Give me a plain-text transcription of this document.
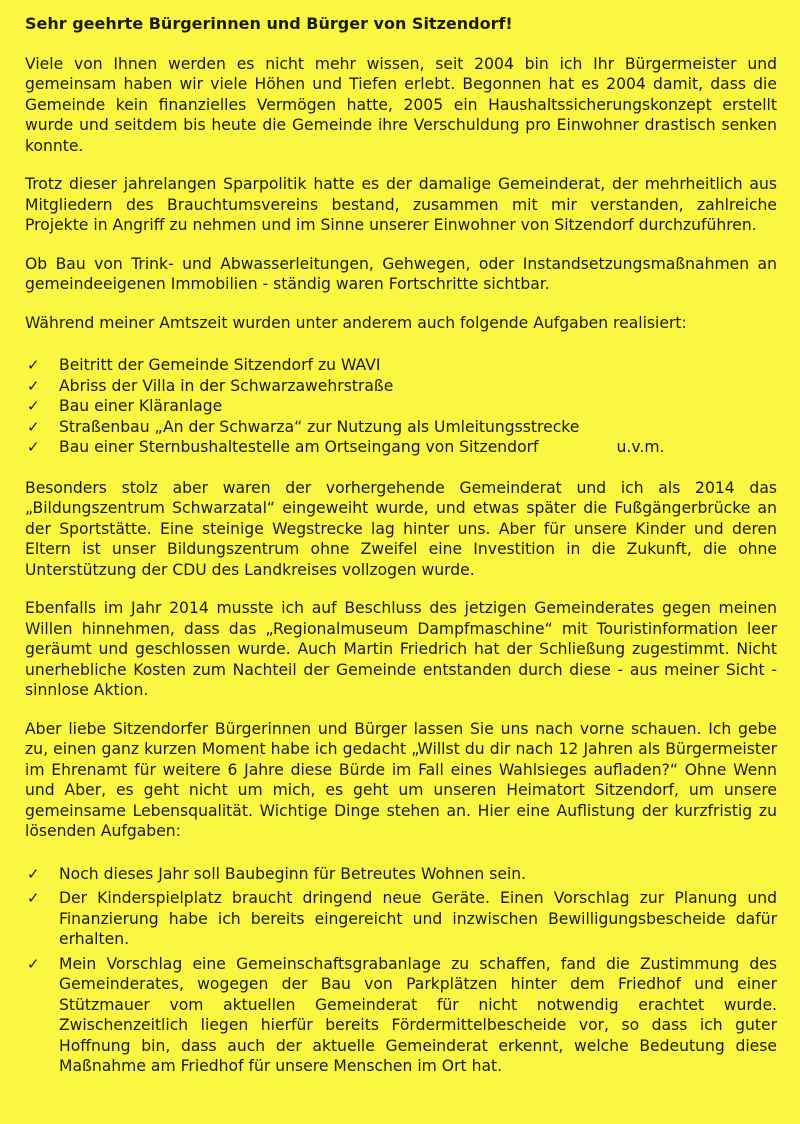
Sehr geehrte Bürgerinnen und Bürger von Sitzendorf!

Viele von Ihnen werden es nicht mehr wissen, seit 2004 bin ich Ihr Bürgermeister und gemeinsam haben wir viele Höhen und Tiefen erlebt. Begonnen hat es 2004 damit, dass die Gemeinde kein finanzielles Vermögen hatte, 2005 ein Haushaltssicherungskonzept erstellt wurde und seitdem bis heute die Gemeinde ihre Verschuldung pro Einwohner drastisch senken konnte.

Trotz dieser jahrelangen Sparpolitik hatte es der damalige Gemeinderat, der mehrheitlich aus Mitgliedern des Brauchtumsvereins bestand, zusammen mit mir verstanden, zahlreiche Projekte in Angriff zu nehmen und im Sinne unserer Einwohner von Sitzendorf durchzuführen.

Ob Bau von Trink- und Abwasserleitungen, Gehwegen, oder Instandsetzungsmaßnahmen an gemeindeeigenen Immobilien - ständig waren Fortschritte sichtbar.

Während meiner Amtszeit wurden unter anderem auch folgende Aufgaben realisiert:

✓ Beitritt der Gemeinde Sitzendorf zu WAVI
✓ Abriss der Villa in der Schwarzawehrstraße
✓ Bau einer Kläranlage
✓ Straßenbau „An der Schwarza“ zur Nutzung als Umleitungsstrecke
✓ Bau einer Sternbushaltestelle am Ortseingang von Sitzendorf	u.v.m.

Besonders stolz aber waren der vorhergehende Gemeinderat und ich als 2014 das „Bildungszentrum Schwarzatal“ eingeweiht wurde, und etwas später die Fußgängerbrücke an der Sportstätte. Eine steinige Wegstrecke lag hinter uns. Aber für unsere Kinder und deren Eltern ist unser Bildungszentrum ohne Zweifel eine Investition in die Zukunft, die ohne Unterstützung der CDU des Landkreises vollzogen wurde.

Ebenfalls im Jahr 2014 musste ich auf Beschluss des jetzigen Gemeinderates gegen meinen Willen hinnehmen, dass das „Regionalmuseum Dampfmaschine“ mit Touristinformation leer geräumt und geschlossen wurde. Auch Martin Friedrich hat der Schließung zugestimmt. Nicht unerhebliche Kosten zum Nachteil der Gemeinde entstanden durch diese - aus meiner Sicht - sinnlose Aktion.

Aber liebe Sitzendorfer Bürgerinnen und Bürger lassen Sie uns nach vorne schauen. Ich gebe zu, einen ganz kurzen Moment habe ich gedacht „Willst du dir nach 12 Jahren als Bürgermeister im Ehrenamt für weitere 6 Jahre diese Bürde im Fall eines Wahlsieges aufladen?“ Ohne Wenn und Aber, es geht nicht um mich, es geht um unseren Heimatort Sitzendorf, um unsere gemeinsame Lebensqualität. Wichtige Dinge stehen an. Hier eine Auflistung der kurzfristig zu lösenden Aufgaben:

✓ Noch dieses Jahr soll Baubeginn für Betreutes Wohnen sein.
✓ Der Kinderspielplatz braucht dringend neue Geräte. Einen Vorschlag zur Planung und Finanzierung habe ich bereits eingereicht und inzwischen Bewilligungsbescheide dafür erhalten.
✓ Mein Vorschlag eine Gemeinschaftsgrabanlage zu schaffen, fand die Zustimmung des Gemeinderates, wogegen der Bau von Parkplätzen hinter dem Friedhof und einer Stützmauer vom aktuellen Gemeinderat für nicht notwendig erachtet wurde. Zwischenzeitlich liegen hierfür bereits Fördermittelbescheide vor, so dass ich guter Hoffnung bin, dass auch der aktuelle Gemeinderat erkennt, welche Bedeutung diese Maßnahme am Friedhof für unsere Menschen im Ort hat.
